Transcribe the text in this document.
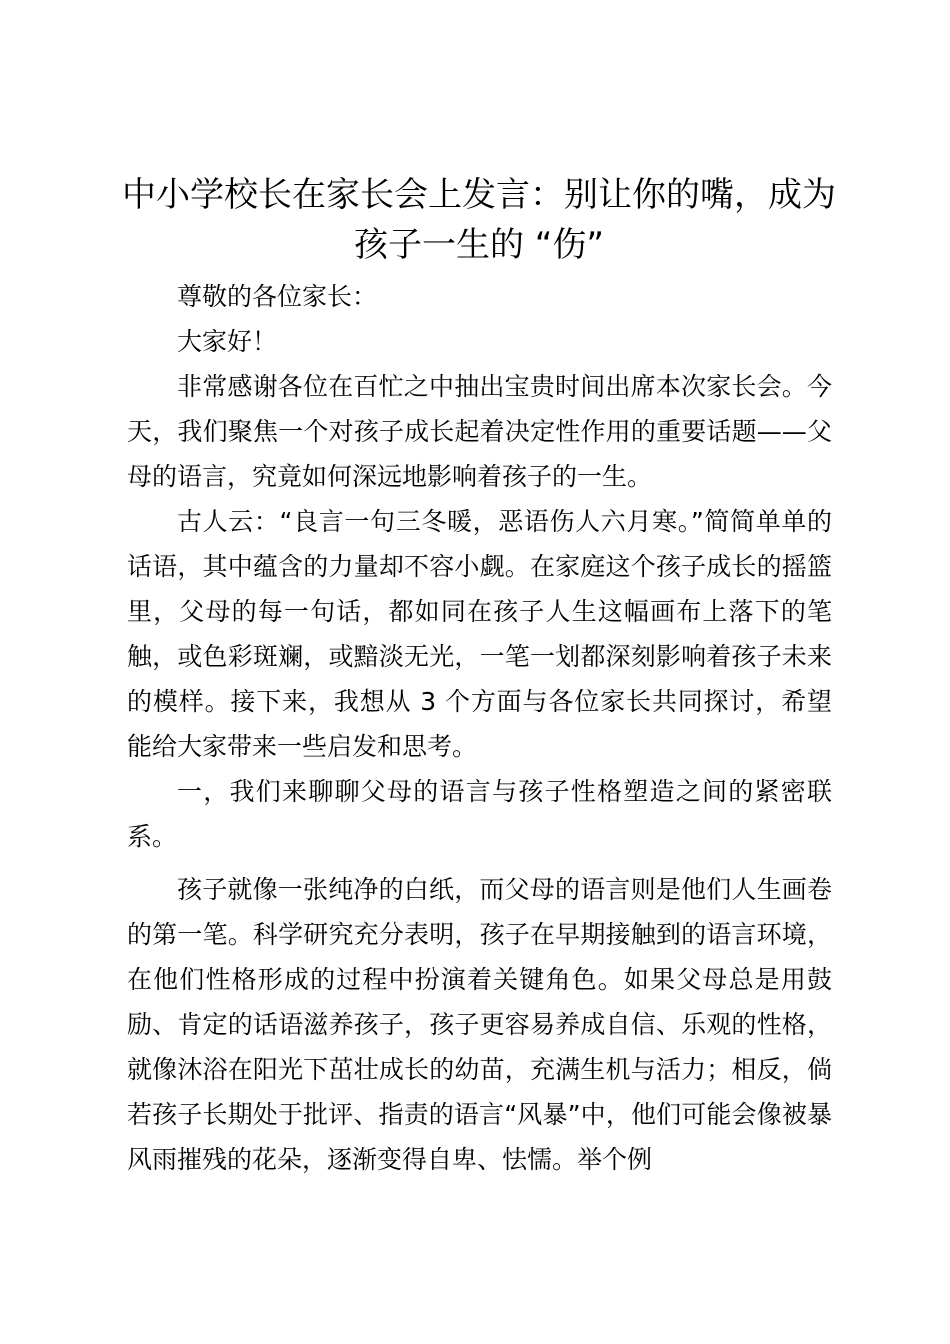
中小学校长在家长会上发言：别让你的嘴，成为孩子一生的 “伤”

尊敬的各位家长：

大家好！

非常感谢各位在百忙之中抽出宝贵时间出席本次家长会。今天，我们聚焦一个对孩子成长起着决定性作用的重要话题——父母的语言，究竟如何深远地影响着孩子的一生。

古人云：“良言一句三冬暖，恶语伤人六月寒。”简简单单的话语，其中蕴含的力量却不容小觑。在家庭这个孩子成长的摇篮里，父母的每一句话，都如同在孩子人生这幅画布上落下的笔触，或色彩斑斓，或黯淡无光，一笔一划都深刻影响着孩子未来的模样。接下来，我想从 3 个方面与各位家长共同探讨，希望能给大家带来一些启发和思考。

一，我们来聊聊父母的语言与孩子性格塑造之间的紧密联系。

孩子就像一张纯净的白纸，而父母的语言则是他们人生画卷的第一笔。科学研究充分表明，孩子在早期接触到的语言环境，在他们性格形成的过程中扮演着关键角色。如果父母总是用鼓励、肯定的话语滋养孩子，孩子更容易养成自信、乐观的性格，就像沐浴在阳光下茁壮成长的幼苗，充满生机与活力；相反，倘若孩子长期处于批评、指责的语言“风暴”中，他们可能会像被暴风雨摧残的花朵，逐渐变得自卑、怯懦。举个例
